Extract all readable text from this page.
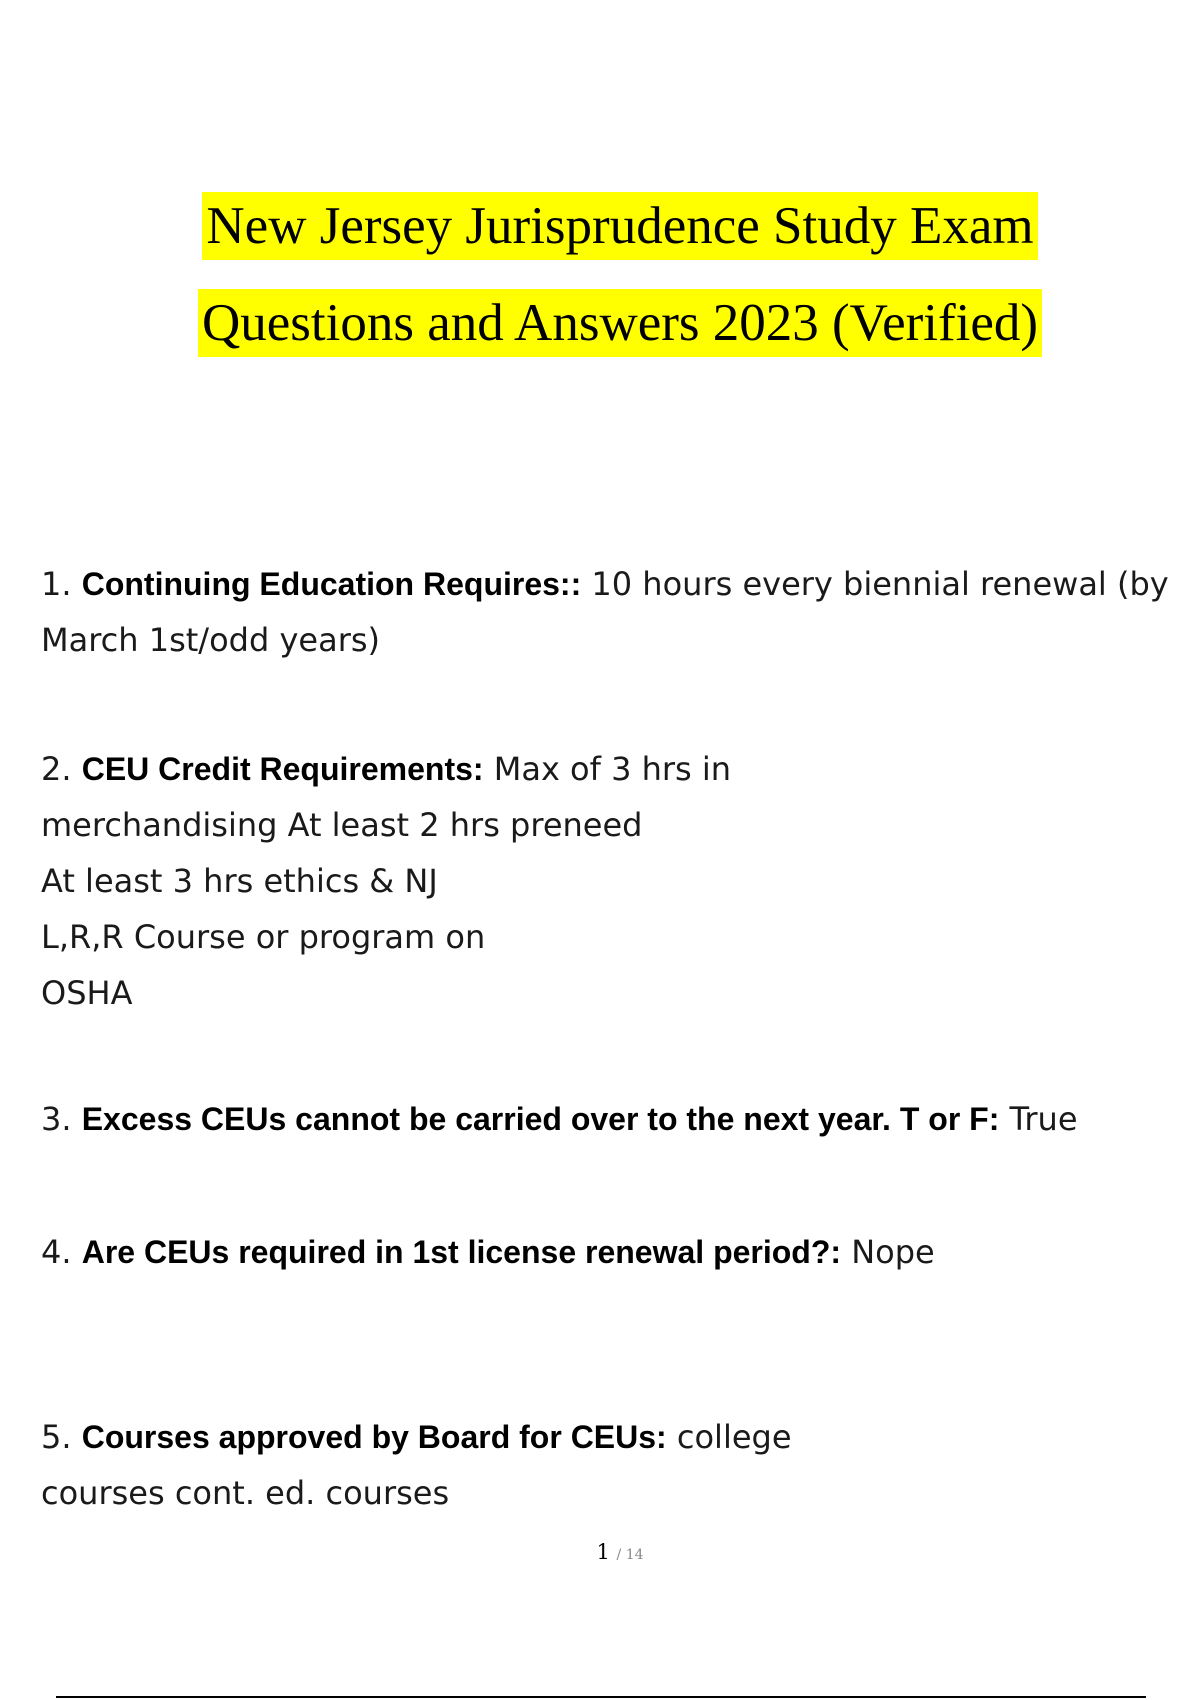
New Jersey Jurisprudence Study Exam
Questions and Answers 2023 (Verified)
1. Continuing Education Requires:: 10 hours every biennial renewal (by
March 1st/odd years)
2. CEU Credit Requirements: Max of 3 hrs in
merchandising At least 2 hrs preneed
At least 3 hrs ethics & NJ
L,R,R Course or program on
OSHA
3. Excess CEUs cannot be carried over to the next year. T or F: True
4. Are CEUs required in 1st license renewal period?: Nope
5. Courses approved by Board for CEUs: college
courses cont. ed. courses
1 / 14
